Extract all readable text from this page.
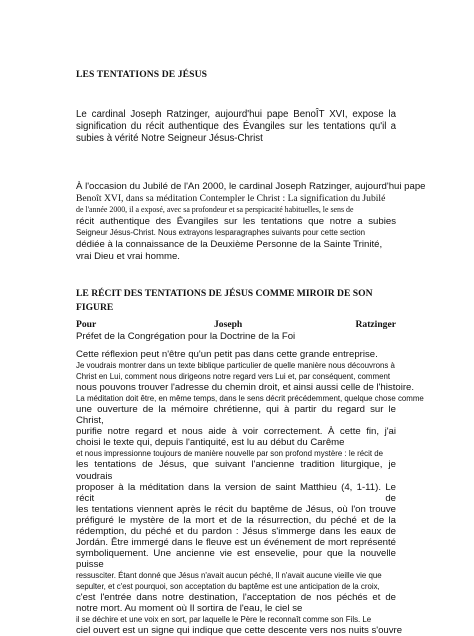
LES TENTATIONS DE JÉSUS

Le cardinal Joseph Ratzinger, aujourd'hui pape BenoÎT XVI, expose la signification du récit authentique des Évangiles sur les tentations qu'il a subies à vérité Notre Seigneur Jésus-Christ

À l'occasion du Jubilé de l'An 2000, le cardinal Joseph Ratzinger, aujourd'hui pape
Benoît XVI, dans sa méditation Contempler le Christ : La signification du Jubilé
de l'année 2000, il a exposé, avec sa profondeur et sa perspicacité habituelles, le sens de
récit authentique des Évangiles sur les tentations que notre a subies
Seigneur Jésus-Christ. Nous extrayons lesparagraphes suivants pour cette section
dédiée à la connaissance de la Deuxième Personne de la Sainte Trinité,
vrai Dieu et vrai homme.
LE RÉCIT DES TENTATIONS DE JÉSUS COMME MIROIR DE SON FIGURE
Pour	Joseph	Ratzinger
Préfet de la Congrégation pour la Doctrine de la Foi
Cette réflexion peut n'être qu'un petit pas dans cette grande entreprise.
Je voudrais montrer dans un texte biblique particulier de quelle manière nous découvrons à
Christ en Lui, comment nous dirigeons notre regard vers Lui et, par conséquent, comment
nous pouvons trouver l'adresse du chemin droit, et ainsi aussi celle de l'histoire.
La méditation doit être, en même temps, dans le sens décrit précédemment, quelque chose comme
une ouverture de la mémoire chrétienne, qui à partir du regard sur le Christ,
purifie notre regard et nous aide à voir correctement. À cette fin, j'ai
choisi le texte qui, depuis l'antiquité, est lu au début du Carême
et nous impressionne toujours de manière nouvelle par son profond mystère : le récit de
les tentations de Jésus, que suivant l'ancienne tradition liturgique, je voudrais
proposer à la méditation dans la version de saint Matthieu (4, 1-11). Le récit de
les tentations viennent après le récit du baptême de Jésus, où l'on trouve
préfiguré le mystère de la mort et de la résurrection, du péché et de la
rédemption, du péché et du pardon : Jésus s'immerge dans les eaux de
Jordán. Être immergé dans le fleuve est un événement de mort représenté
symboliquement. Une ancienne vie est ensevelie, pour que la nouvelle puisse
ressusciter. Étant donné que Jésus n'avait aucun péché, Il n'avait aucune vieille vie que
sepulter, et c'est pourquoi, son acceptation du baptême est une anticipation de la croix,
c'est l'entrée dans notre destination, l'acceptation de nos péchés et de
notre mort. Au moment où Il sortira de l'eau, le ciel se
il se déchire et une voix en sort, par laquelle le Père le reconnaît comme son Fils. Le
ciel ouvert est un signe qui indique que cette descente vers nos nuits s'ouvre
